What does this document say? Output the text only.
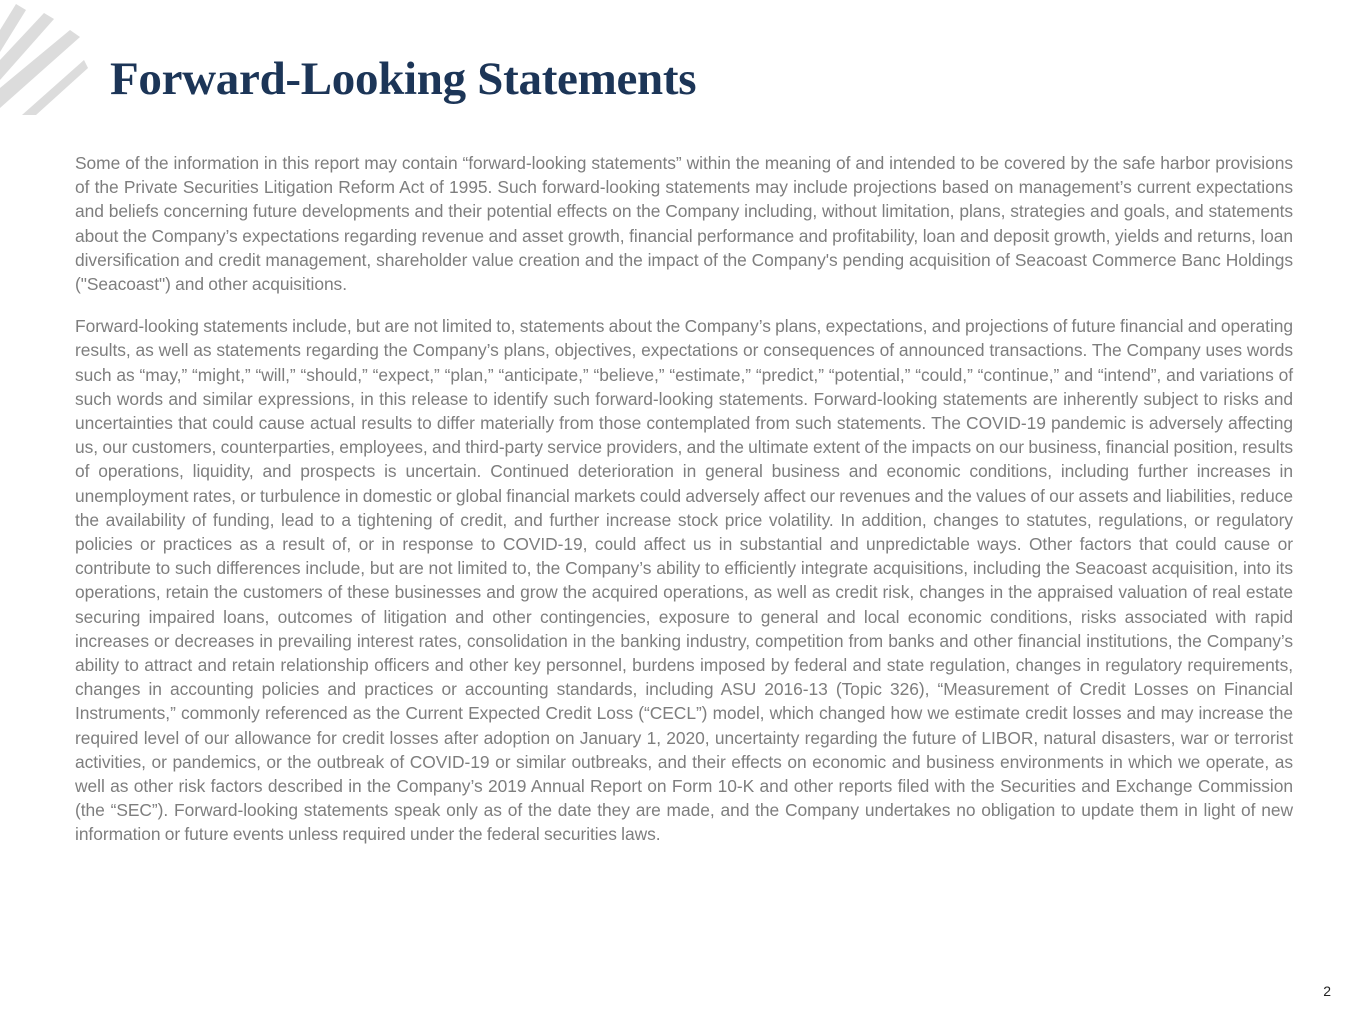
Forward-Looking Statements

Some of the information in this report may contain “forward-looking statements” within the meaning of and intended to be covered by the safe harbor provisions of the Private Securities Litigation Reform Act of 1995. Such forward-looking statements may include projections based on management’s current expectations and beliefs concerning future developments and their potential effects on the Company including, without limitation, plans, strategies and goals, and statements about the Company’s expectations regarding revenue and asset growth, financial performance and profitability, loan and deposit growth, yields and returns, loan diversification and credit management, shareholder value creation and the impact of the Company's pending acquisition of Seacoast Commerce Banc Holdings ("Seacoast") and other acquisitions.

Forward-looking statements include, but are not limited to, statements about the Company’s plans, expectations, and projections of future financial and operating results, as well as statements regarding the Company’s plans, objectives, expectations or consequences of announced transactions. The Company uses words such as “may,” “might,” “will,” “should,” “expect,” “plan,” “anticipate,” “believe,” “estimate,” “predict,” “potential,” “could,” “continue,” and “intend”, and variations of such words and similar expressions, in this release to identify such forward-looking statements. Forward-looking statements are inherently subject to risks and uncertainties that could cause actual results to differ materially from those contemplated from such statements. The COVID-19 pandemic is adversely affecting us, our customers, counterparties, employees, and third-party service providers, and the ultimate extent of the impacts on our business, financial position, results of operations, liquidity, and prospects is uncertain. Continued deterioration in general business and economic conditions, including further increases in unemployment rates, or turbulence in domestic or global financial markets could adversely affect our revenues and the values of our assets and liabilities, reduce the availability of funding, lead to a tightening of credit, and further increase stock price volatility. In addition, changes to statutes, regulations, or regulatory policies or practices as a result of, or in response to COVID-19, could affect us in substantial and unpredictable ways. Other factors that could cause or contribute to such differences include, but are not limited to, the Company’s ability to efficiently integrate acquisitions, including the Seacoast acquisition, into its operations, retain the customers of these businesses and grow the acquired operations, as well as credit risk, changes in the appraised valuation of real estate securing impaired loans, outcomes of litigation and other contingencies, exposure to general and local economic conditions, risks associated with rapid increases or decreases in prevailing interest rates, consolidation in the banking industry, competition from banks and other financial institutions, the Company’s ability to attract and retain relationship officers and other key personnel, burdens imposed by federal and state regulation, changes in regulatory requirements, changes in accounting policies and practices or accounting standards, including ASU 2016-13 (Topic 326), “Measurement of Credit Losses on Financial Instruments,” commonly referenced as the Current Expected Credit Loss (“CECL”) model, which changed how we estimate credit losses and may increase the required level of our allowance for credit losses after adoption on January 1, 2020, uncertainty regarding the future of LIBOR, natural disasters, war or terrorist activities, or pandemics, or the outbreak of COVID-19 or similar outbreaks, and their effects on economic and business environments in which we operate, as well as other risk factors described in the Company’s 2019 Annual Report on Form 10-K and other reports filed with the Securities and Exchange Commission (the “SEC”). Forward-looking statements speak only as of the date they are made, and the Company undertakes no obligation to update them in light of new information or future events unless required under the federal securities laws.

2
